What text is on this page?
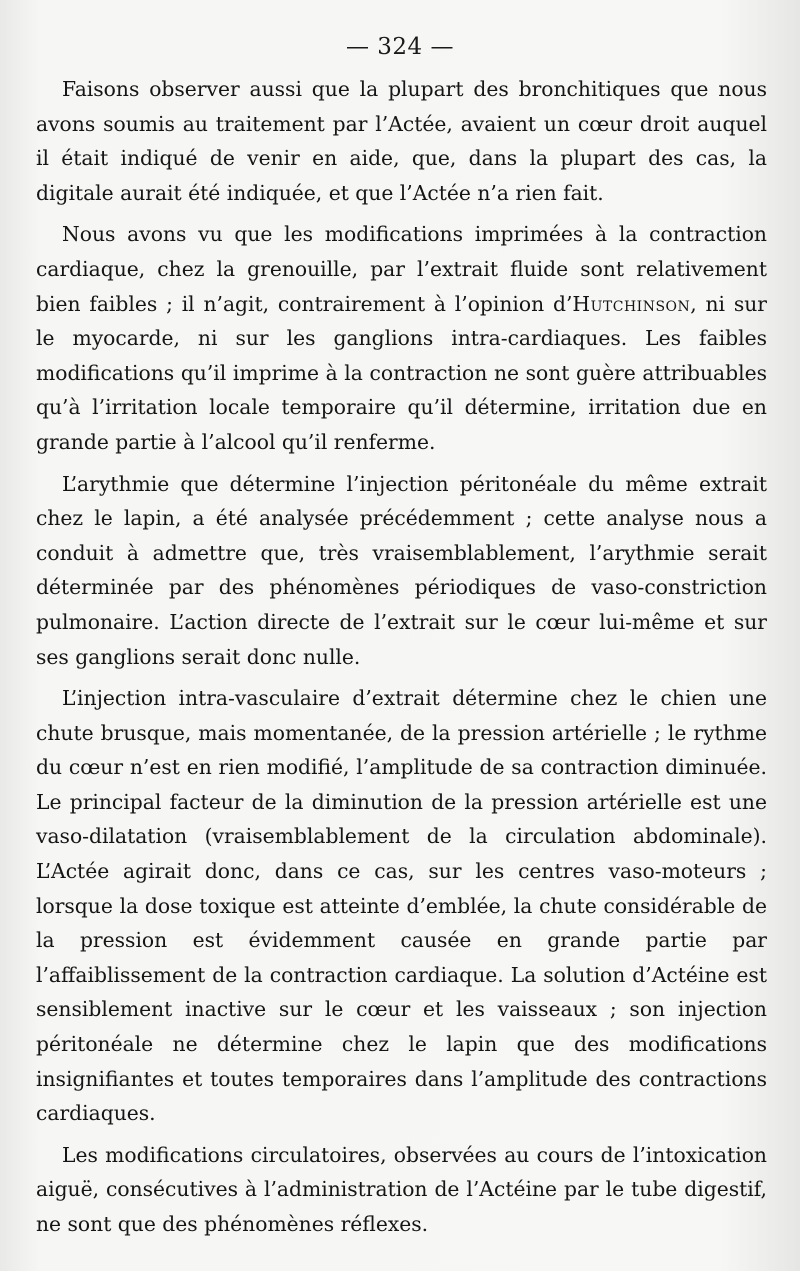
— 324 —

Faisons observer aussi que la plupart des bronchitiques que nous avons soumis au traitement par l’Actée, avaient un cœur droit auquel il était indiqué de venir en aide, que, dans la plupart des cas, la digitale aurait été indiquée, et que l’Actée n’a rien fait.

Nous avons vu que les modifications imprimées à la contraction cardiaque, chez la grenouille, par l’extrait fluide sont relativement bien faibles ; il n’agit, contrairement à l’opinion d’Hutchinson, ni sur le myocarde, ni sur les ganglions intra-cardiaques. Les faibles modifications qu’il imprime à la contraction ne sont guère attribuables qu’à l’irritation locale temporaire qu’il détermine, irritation due en grande partie à l’alcool qu’il renferme.

L’arythmie que détermine l’injection péritonéale du même extrait chez le lapin, a été analysée précédemment ; cette analyse nous a conduit à admettre que, très vraisemblablement, l’arythmie serait déterminée par des phénomènes périodiques de vaso-constriction pulmonaire. L’action directe de l’extrait sur le cœur lui-même et sur ses ganglions serait donc nulle.

L’injection intra-vasculaire d’extrait détermine chez le chien une chute brusque, mais momentanée, de la pression artérielle ; le rythme du cœur n’est en rien modifié, l’amplitude de sa contraction diminuée. Le principal facteur de la diminution de la pression artérielle est une vaso-dilatation (vraisemblablement de la circulation abdominale). L’Actée agirait donc, dans ce cas, sur les centres vaso-moteurs ; lorsque la dose toxique est atteinte d’emblée, la chute considérable de la pression est évidemment causée en grande partie par l’affaiblissement de la contraction cardiaque. La solution d’Actéine est sensiblement inactive sur le cœur et les vaisseaux ; son injection péritonéale ne détermine chez le lapin que des modifications insignifiantes et toutes temporaires dans l’amplitude des contractions cardiaques.

Les modifications circulatoires, observées au cours de l’intoxication aiguë, consécutives à l’administration de l’Actéine par le tube digestif, ne sont que des phénomènes réflexes.
